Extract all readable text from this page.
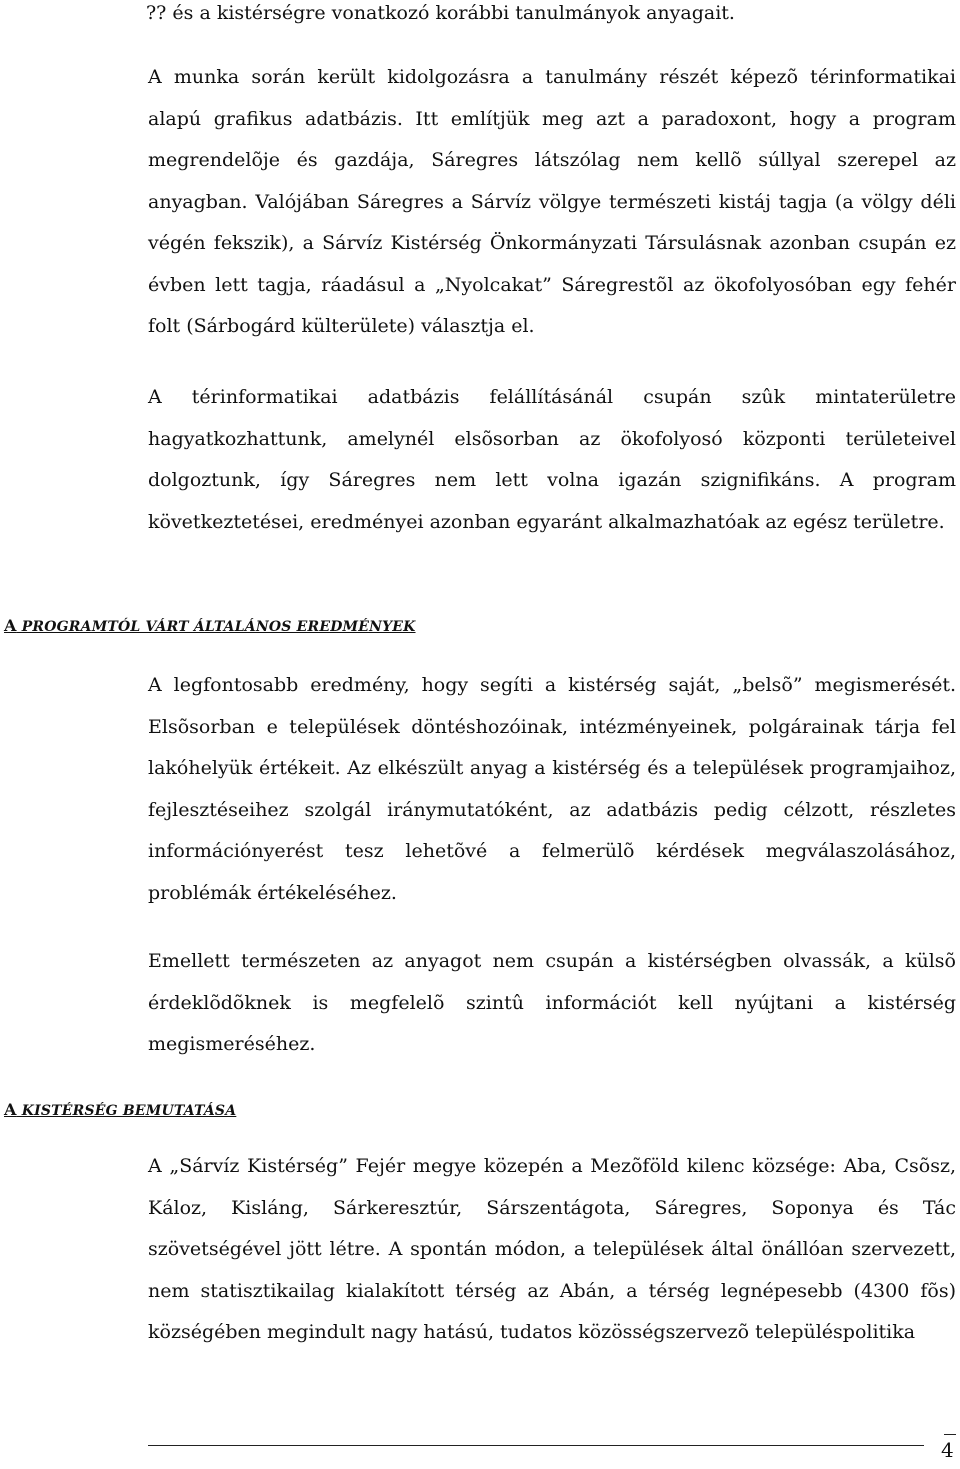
?? és a kistérségre vonatkozó korábbi tanulmányok anyagait.

A munka során került kidolgozásra a tanulmány részét képezõ térinformatikai alapú grafikus adatbázis. Itt említjük meg azt a paradoxont, hogy a program megrendelõje és gazdája, Sáregres látszólag nem kellõ súllyal szerepel az anyagban. Valójában Sáregres a Sárvíz völgye természeti kistáj tagja (a völgy déli végén fekszik), a Sárvíz Kistérség Önkormányzati Társulásnak azonban csupán ez évben lett tagja, ráadásul a „Nyolcakat” Sáregrestõl az ökofolyosóban egy fehér folt (Sárbogárd külterülete) választja el.

A térinformatikai adatbázis felállításánál csupán szûk mintaterületre hagyatkozhattunk, amelynél elsõsorban az ökofolyosó központi területeivel dolgoztunk, így Sáregres nem lett volna igazán szignifikáns. A program következtetései, eredményei azonban egyaránt alkalmazhatóak az egész területre.

A PROGRAMTÓL VÁRT ÁLTALÁNOS EREDMÉNYEK

A legfontosabb eredmény, hogy segíti a kistérség saját, „belsõ” megismerését. Elsõsorban e települések döntéshozóinak, intézményeinek, polgárainak tárja fel lakóhelyük értékeit. Az elkészült anyag a kistérség és a települések programjaihoz, fejlesztéseihez szolgál iránymutatóként, az adatbázis pedig célzott, részletes információnyerést tesz lehetõvé a felmerülõ kérdések megválaszolásához, problémák értékeléséhez.

Emellett természeten az anyagot nem csupán a kistérségben olvassák, a külsõ érdeklõdõknek is megfelelõ szintû információt kell nyújtani a kistérség megismeréséhez.

A KISTÉRSÉG BEMUTATÁSA

A „Sárvíz Kistérség” Fejér megye közepén a Mezõföld kilenc községe: Aba, Csõsz, Káloz, Kisláng, Sárkeresztúr, Sárszentágota, Sáregres, Soponya és Tác szövetségével jött létre. A spontán módon, a települések által önállóan szervezett, nem statisztikailag kialakított térség az Abán, a térség legnépesebb (4300 fõs) községében megindult nagy hatású, tudatos közösségszervezõ településpolitika

4
